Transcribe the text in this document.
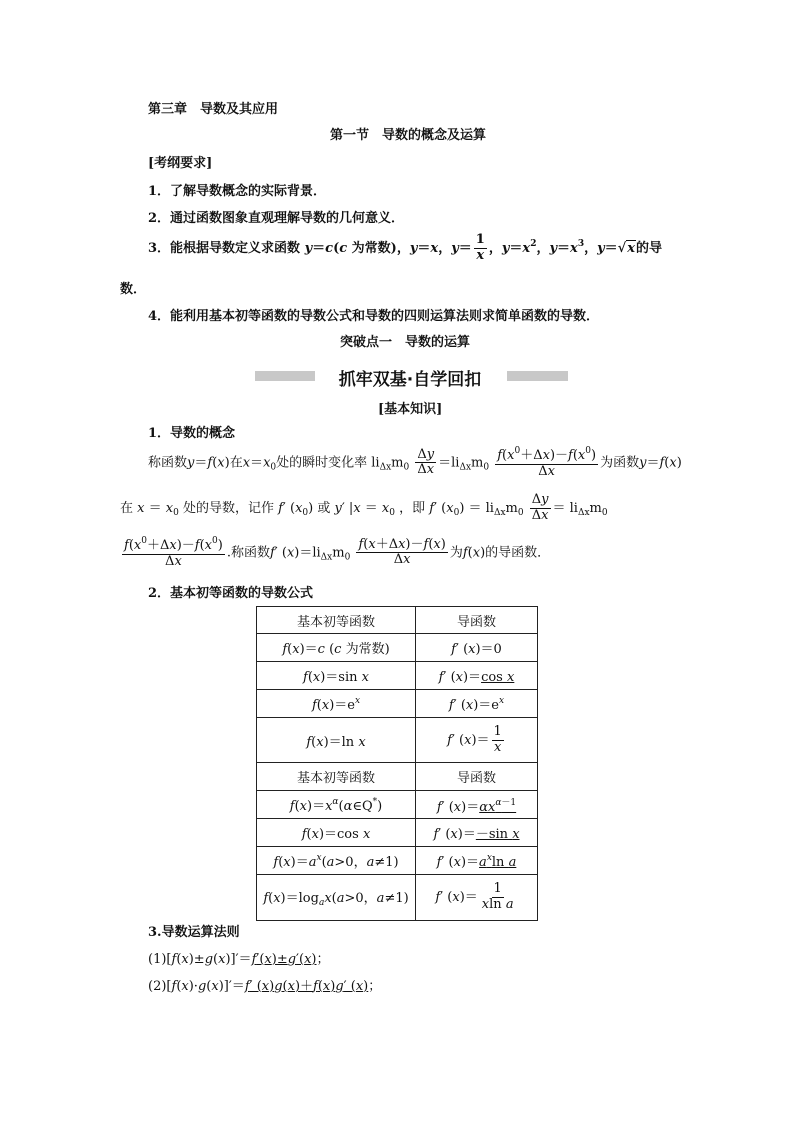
第三章　导数及其应用
第一节　导数的概念及运算
[考纲要求]
1．了解导数概念的实际背景．
2．通过函数图象直观理解导数的几何意义．
3．能根据导数定义求函数 y＝c(c 为常数)，y＝x，$y= \frac{1}{x}$ ，$y=x^2$，$y=x^3$，y＝√x的导
数．
4．能利用基本初等函数的导数公式和导数的四则运算法则求简单函数的导数．
突破点一　导数的运算
抓牢双基·自学回扣
[基本知识]
1．导数的概念
称函数y＝f(x)在$x=x_0$处的瞬时变化率 $li_{\Delta x}m_0 \frac{\Delta y}{\Delta x} =li_{\Delta x}m_0 \frac{f(x^0+\Delta x)-f(x^0)}{\Delta x}$ 为函数y＝f(x)
在 $x = x_0$ 处的导数，记作 f′ $(x_0)$ 或 y′ $|x = x_0$ ，即 f′ $(x_0) = li_{\Delta x}m_0 \frac{\Delta y}{\Delta x} = li_{\Delta x}m_0$
$\frac{f(x^0+\Delta x)-f(x^0)}{\Delta x}$ .称函数f′ $(x)=li_{\Delta x}m_0 \frac{f(x+\Delta x)-f(x)}{\Delta x}$ 为f(x)的导函数．
2．基本初等函数的导数公式
基本初等函数	导函数
f(x)＝c (c 为常数)	f′ (x)＝0
f(x)＝sin x	f′ (x)＝cos x
$f(x)=e^x$	f′ $(x)=e^x$
f(x)＝ln x	f′ $(x)= \frac{1}{x}$

基本初等函数	导函数
$f(x)=x^\alpha(\alpha\in Q^*)$	f′ $(x)=\alpha x^{\alpha-1}$
f(x)＝cos x	f′ (x)＝－sin x
$f(x)=a^x(a>0$，a≠1)	f′ $(x)=a^x\ln$ a
$f(x)=\log_ax(a>0$，a≠1)	f′ $(x)= \frac{1}{\text{xln a}}$
3.导数运算法则
(1)[f(x)±g(x)]′＝f′(x)±g′(x)；
(2)[f(x)·g(x)]′＝f′ (x)g(x)＋f(x)g′ (x)；
